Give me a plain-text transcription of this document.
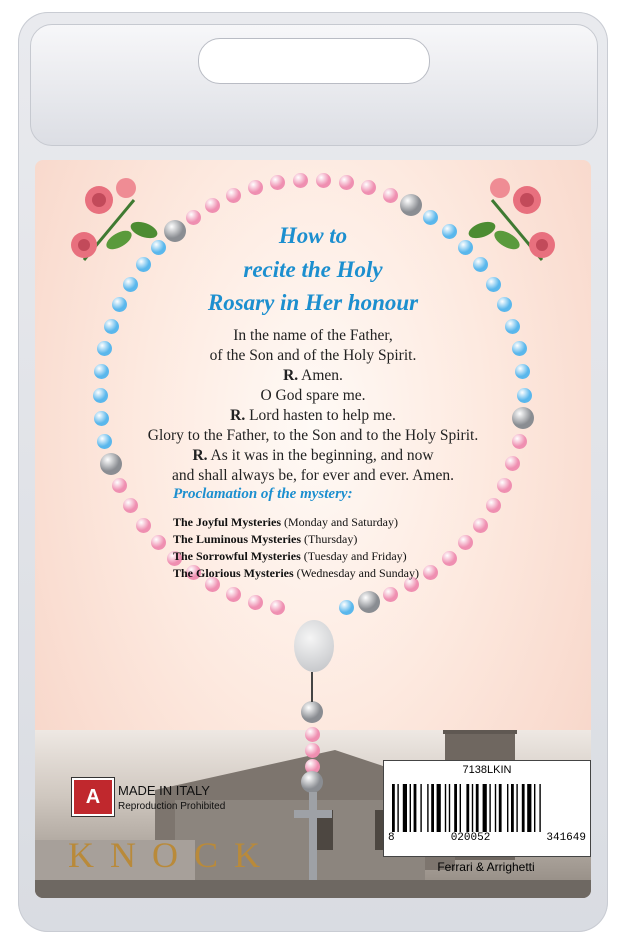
How to
recite the Holy
Rosary in Her honour
In the name of the Father,
of the Son and of the Holy Spirit.
R. Amen.
O God spare me.
R. Lord hasten to help me.
Glory to the Father, to the Son and to the Holy Spirit.
R. As it was in the beginning, and now
and shall always be, for ever and ever. Amen.
Proclamation of the mystery:
The Joyful Mysteries (Monday and Saturday)
The Luminous Mysteries (Thursday)
The Sorrowful Mysteries (Tuesday and Friday)
The Glorious Mysteries (Wednesday and Sunday)
A	MADE IN ITALY
Reproduction Prohibited
KNOCK
7138LKIN
8	020052	341649
Ferrari & Arrighetti
